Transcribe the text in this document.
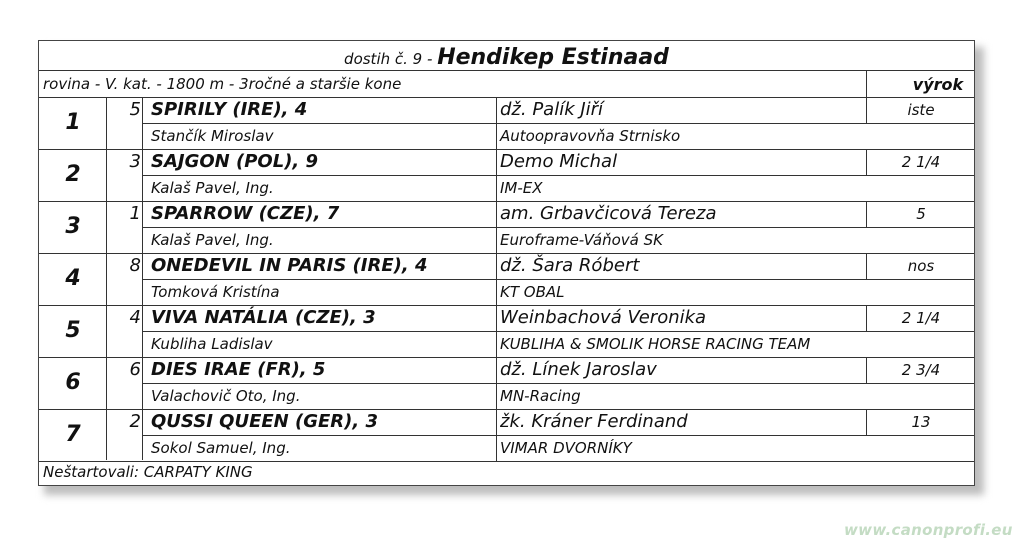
dostih č. 9 - Hendikep Estinaad
rovina - V. kat. - 1800 m - 3ročné a staršie kone	výrok
1
5 SPIRILY (IRE), 4	dž. Palík Jiří	iste
Stančík Miroslav	Autoopravovňa Strnisko
2
3 SAJGON (POL), 9	Demo Michal	2 1/4
Kalaš Pavel, Ing.	IM-EX
3
1 SPARROW (CZE), 7	am. Grbavčicová Tereza	5
Kalaš Pavel, Ing.	Euroframe-Váňová SK
4
8 ONEDEVIL IN PARIS (IRE), 4	dž. Šara Róbert	nos
Tomková Kristína	KT OBAL
5
4 VIVA NATÁLIA (CZE), 3	Weinbachová Veronika	2 1/4
Kubliha Ladislav	KUBLIHA & SMOLIK HORSE RACING TEAM
6
6 DIES IRAE (FR), 5	dž. Línek Jaroslav	2 3/4
Valachovič Oto, Ing.	MN-Racing
7
2 QUSSI QUEEN (GER), 3	žk. Kráner Ferdinand	13
Sokol Samuel, Ing.	VIMAR DVORNÍKY
Neštartovali: CARPATY KING
www.canonprofi.eu
